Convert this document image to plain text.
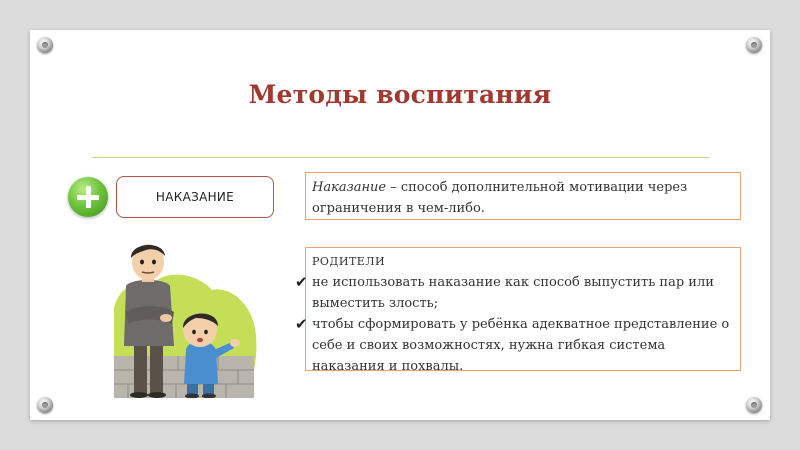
Методы воспитания
НАКАЗАНИЕ
Наказание – способ дополнительной мотивации через ограничения в чем-либо.
РОДИТЕЛИ
✔ не использовать наказание как способ выпустить пар или выместить злость;
✔ чтобы сформировать у ребёнка адекватное представление о себе и своих возможностях, нужна гибкая система наказания и похвалы.
